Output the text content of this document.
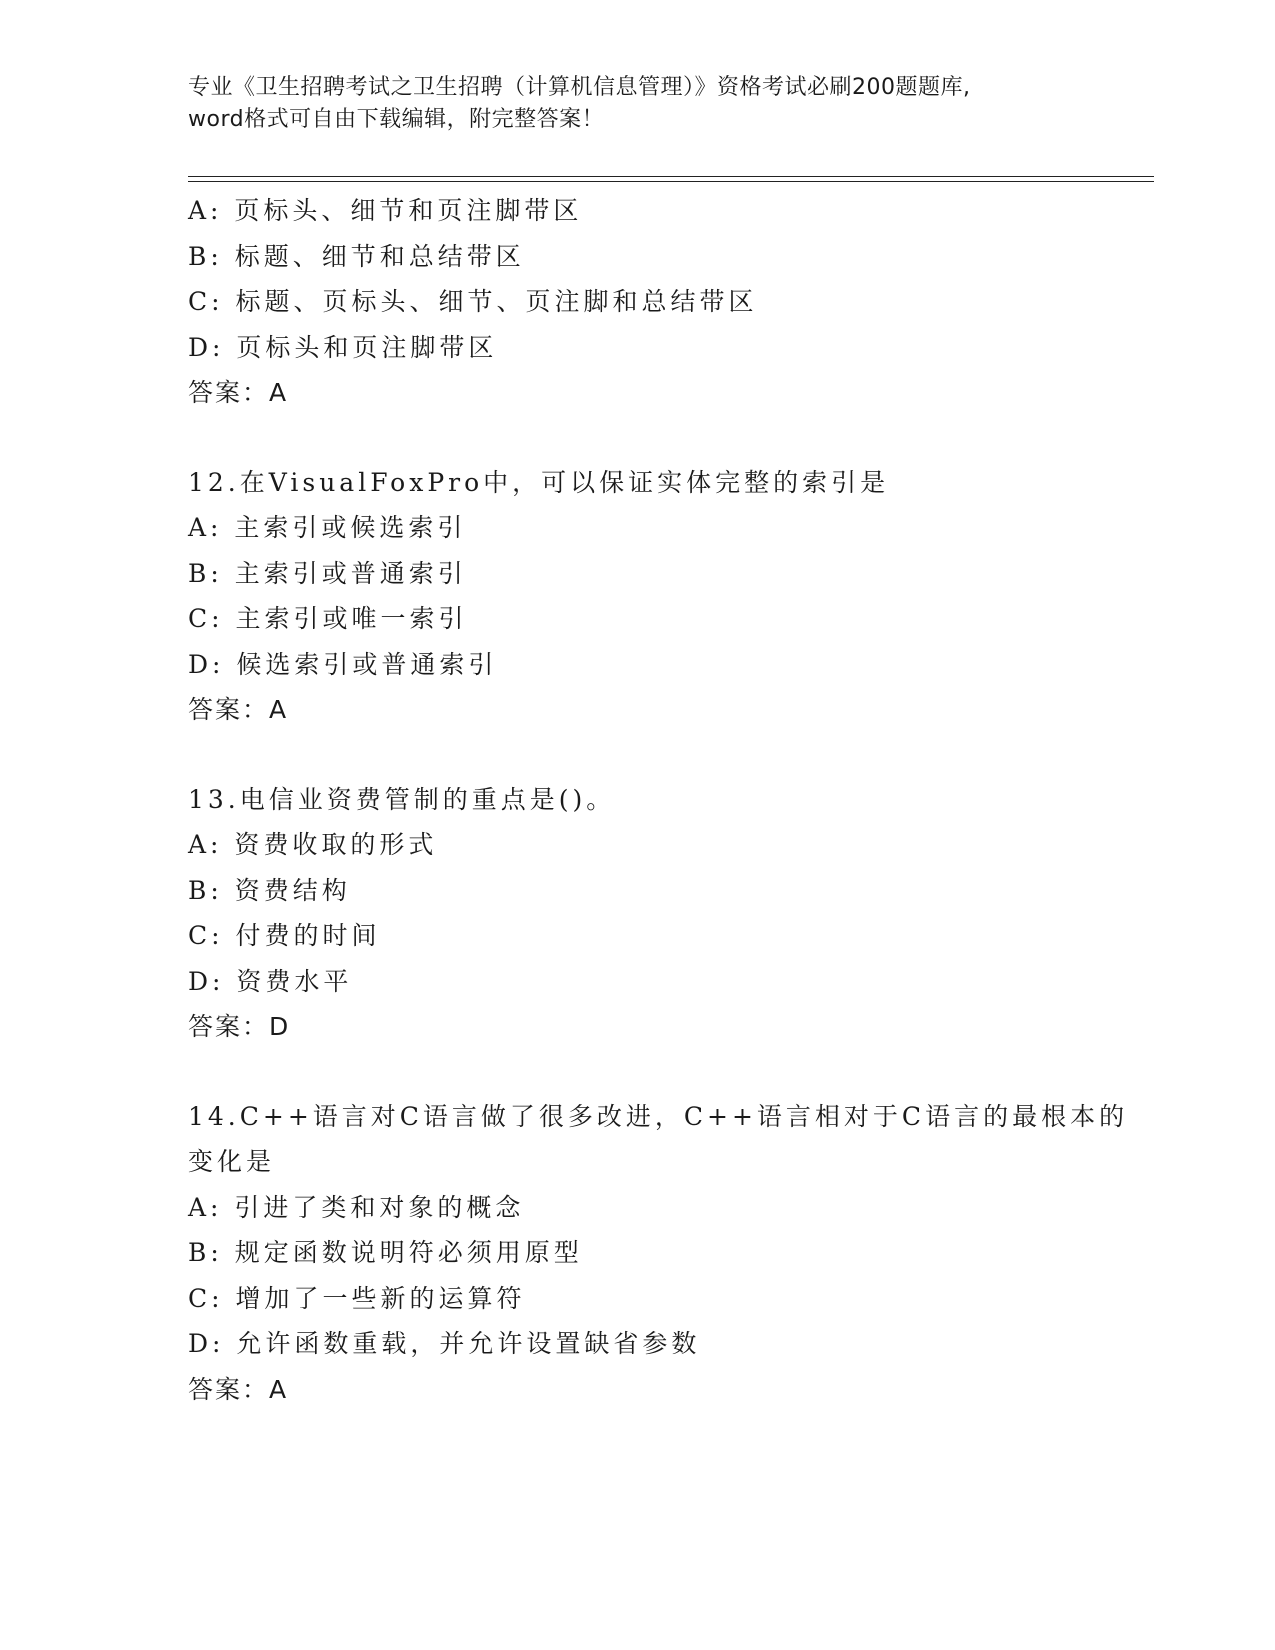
专业《卫生招聘考试之卫生招聘（计算机信息管理）》资格考试必刷200题题库,
word格式可自由下载编辑，附完整答案！
A: 页标头、细节和页注脚带区
B: 标题、细节和总结带区
C: 标题、页标头、细节、页注脚和总结带区
D: 页标头和页注脚带区
答案：A
12.在VisualFoxPro中，可以保证实体完整的索引是
A: 主索引或候选索引
B: 主索引或普通索引
C: 主索引或唯一索引
D: 候选索引或普通索引
答案：A
13.电信业资费管制的重点是()。
A: 资费收取的形式
B: 资费结构
C: 付费的时间
D: 资费水平
答案：D
14.C++语言对C语言做了很多改进，C++语言相对于C语言的最根本的
变化是
A: 引进了类和对象的概念
B: 规定函数说明符必须用原型
C: 增加了一些新的运算符
D: 允许函数重载，并允许设置缺省参数
答案：A
